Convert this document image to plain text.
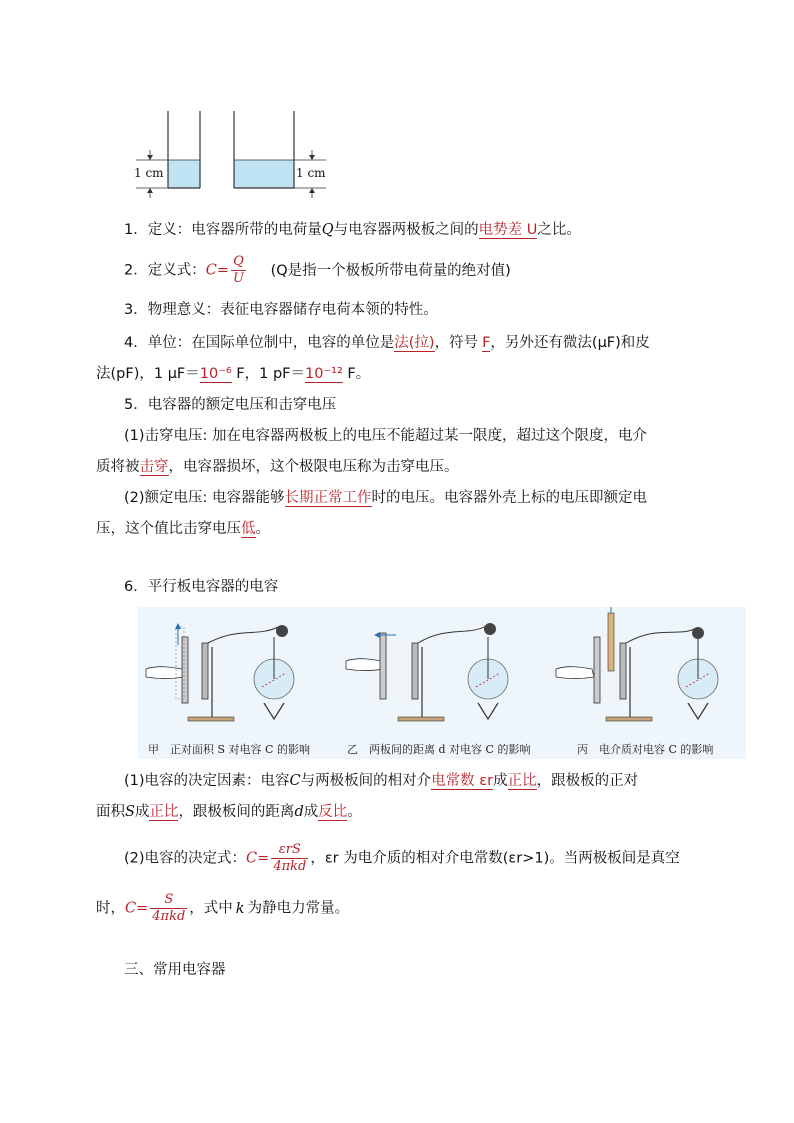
1 cm	1 cm
1．定义：电容器所带的电荷量Q与电容器两极板之间的电势差 U之比。
2．定义式：$C= \frac{Q}{U} (Q$是指一个极板所带电荷量的绝对值)
3．物理意义：表征电容器储存电荷本领的特性。
4．单位：在国际单位制中，电容的单位是法(拉)，符号 F，另外还有微法(μF)和皮
法(pF)，1 μF＝10⁻⁶ F，1 pF＝10⁻¹² F。
5．电容器的额定电压和击穿电压
(1)击穿电压: 加在电容器两极板上的电压不能超过某一限度，超过这个限度，电介
质将被击穿，电容器损坏，这个极限电压称为击穿电压。
(2)额定电压: 电容器能够长期正常工作时的电压。电容器外壳上标的电压即额定电
压，这个值比击穿电压低。
6．平行板电容器的电容
甲　正对面积 S 对电容 C 的影响	乙　两板间的距离 d 对电容 C 的影响	丙　电介质对电容 C 的影响
(1)电容的决定因素：电容C与两极板间的相对介电常数 εr成正比，跟极板的正对
面积S成正比，跟极板间的距离d成反比。
(2)电容的决定式：$C= \frac{\text{εrS}}{\text{4πkd}}$ ，εr 为电介质的相对介电常数(εr>1)。当两极板间是真空
时，$C= \frac{S}{\text{4πkd}}$ ，式中 k 为静电力常量。
三、常用电容器
